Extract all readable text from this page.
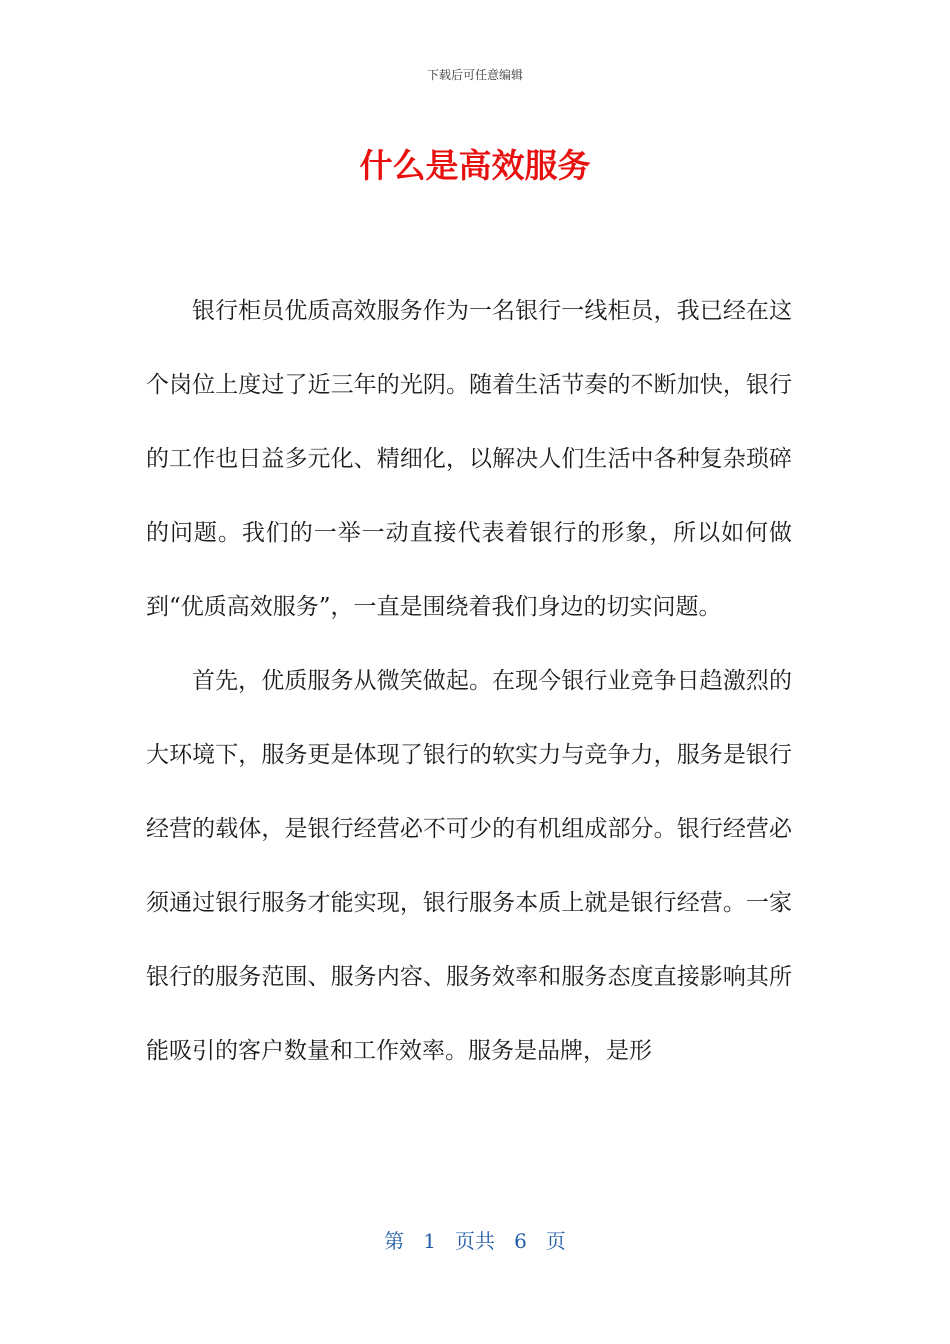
下载后可任意编辑
什么是高效服务

银行柜员优质高效服务作为一名银行一线柜员，我已经在这个岗位上度过了近三年的光阴。随着生活节奏的不断加快，银行的工作也日益多元化、精细化，以解决人们生活中各种复杂琐碎的问题。我们的一举一动直接代表着银行的形象，所以如何做到“优质高效服务”，一直是围绕着我们身边的切实问题。

首先，优质服务从微笑做起。在现今银行业竞争日趋激烈的大环境下，服务更是体现了银行的软实力与竞争力，服务是银行经营的载体，是银行经营必不可少的有机组成部分。银行经营必须通过银行服务才能实现，银行服务本质上就是银行经营。一家银行的服务范围、服务内容、服务效率和服务态度直接影响其所能吸引的客户数量和工作效率。服务是品牌，是形

第 1 页共 6 页
